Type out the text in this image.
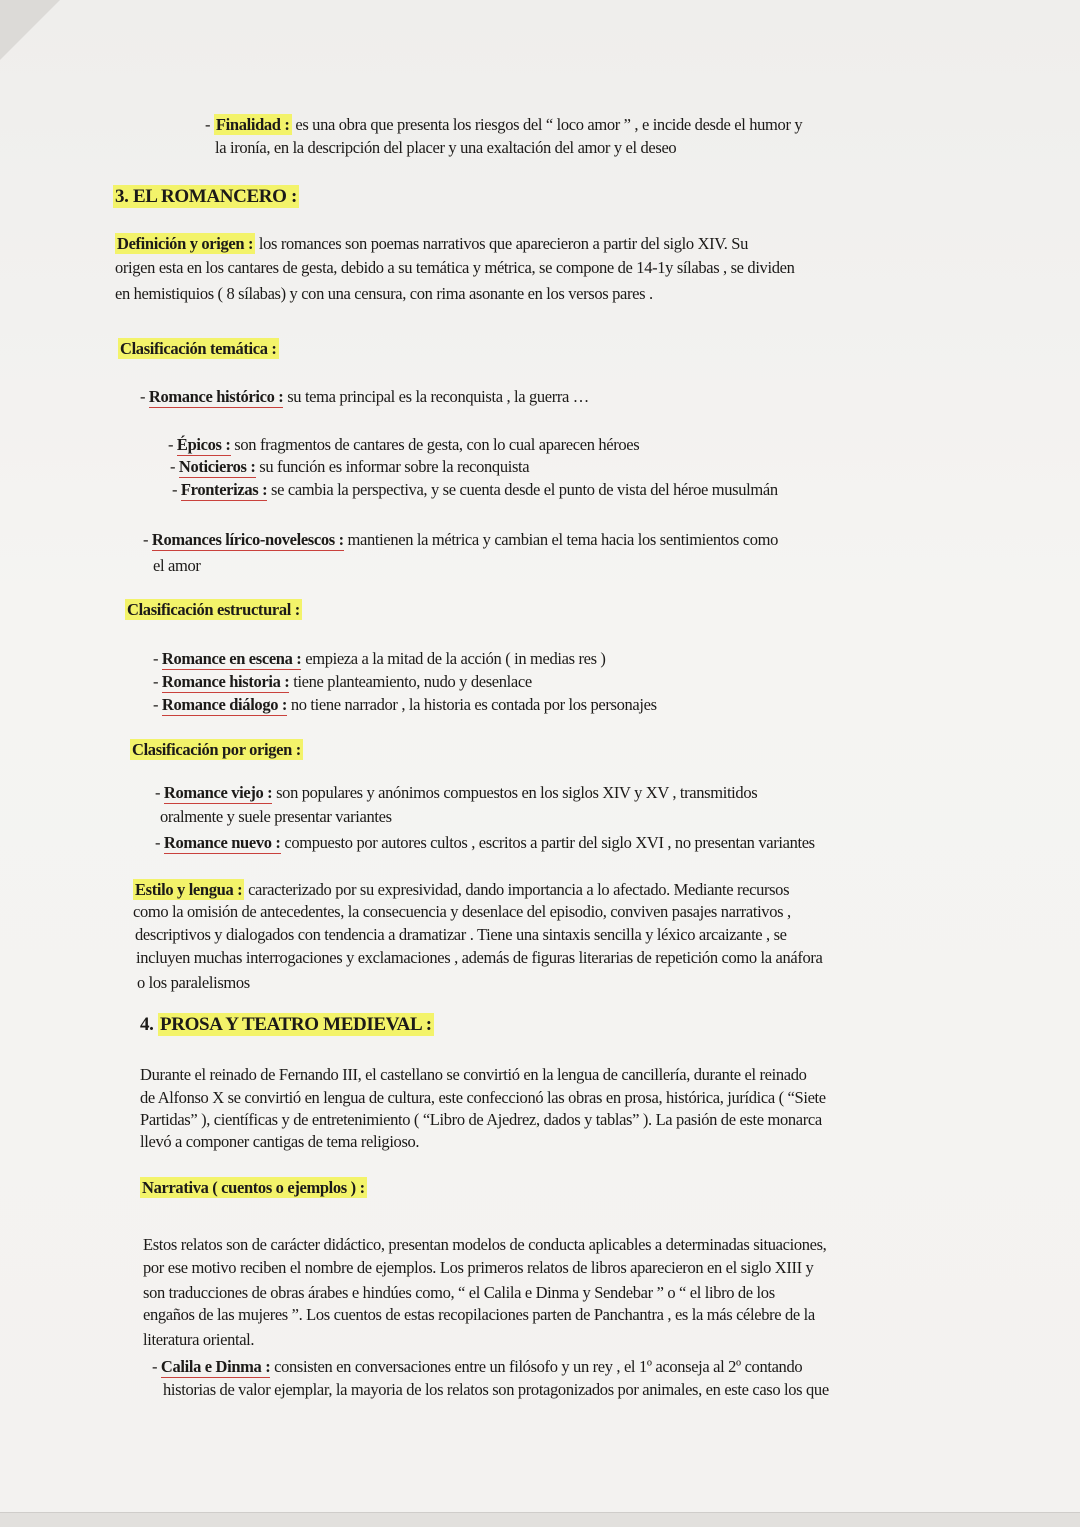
- Finalidad : es una obra que presenta los riesgos del “ loco amor ” , e incide desde el humor y
la ironía, en la descripción del placer y una exaltación del amor y el deseo
3. EL ROMANCERO :
Definición y origen : los romances son poemas narrativos que aparecieron a partir del siglo XIV. Su
origen esta en los cantares de gesta, debido a su temática y métrica, se compone de 14-1y sílabas , se dividen
en hemistiquios ( 8 sílabas) y con una censura, con rima asonante en los versos pares .
Clasificación temática :
- Romance histórico : su tema principal es la reconquista , la guerra …
- Épicos : son fragmentos de cantares de gesta, con lo cual aparecen héroes
- Noticieros : su función es informar sobre la reconquista
- Fronterizas : se cambia la perspectiva, y se cuenta desde el punto de vista del héroe musulmán
- Romances lírico-novelescos : mantienen la métrica y cambian el tema hacia los sentimientos como
el amor
Clasificación estructural :
- Romance en escena : empieza a la mitad de la acción ( in medias res )
- Romance historia : tiene planteamiento, nudo y desenlace
- Romance diálogo : no tiene narrador , la historia es contada por los personajes
Clasificación por origen :
- Romance viejo : son populares y anónimos compuestos en los siglos XIV y XV , transmitidos
oralmente y suele presentar variantes
- Romance nuevo : compuesto por autores cultos , escritos a partir del siglo XVI , no presentan variantes
Estilo y lengua : caracterizado por su expresividad, dando importancia a lo afectado. Mediante recursos
como la omisión de antecedentes, la consecuencia y desenlace del episodio, conviven pasajes narrativos ,
descriptivos y dialogados con tendencia a dramatizar . Tiene una sintaxis sencilla y léxico arcaizante , se
incluyen muchas interrogaciones y exclamaciones , además de figuras literarias de repetición como la anáfora
o los paralelismos
4. PROSA Y TEATRO MEDIEVAL :
Durante el reinado de Fernando III, el castellano se convirtió en la lengua de cancillería, durante el reinado
de Alfonso X se convirtió en lengua de cultura, este confeccionó las obras en prosa, histórica, jurídica ( “Siete
Partidas” ), científicas y de entretenimiento ( “Libro de Ajedrez, dados y tablas” ). La pasión de este monarca
llevó a componer cantigas de tema religioso.
Narrativa ( cuentos o ejemplos ) :
Estos relatos son de carácter didáctico, presentan modelos de conducta aplicables a determinadas situaciones,
por ese motivo reciben el nombre de ejemplos. Los primeros relatos de libros aparecieron en el siglo XIII y
son traducciones de obras árabes e hindúes como, “ el Calila e Dinma y Sendebar ” o “ el libro de los
engaños de las mujeres ”. Los cuentos de estas recopilaciones parten de Panchantra , es la más célebre de la
literatura oriental.
- Calila e Dinma : consisten en conversaciones entre un filósofo y un rey , el 1º aconseja al 2º contando
historias de valor ejemplar, la mayoria de los relatos son protagonizados por animales, en este caso los que
